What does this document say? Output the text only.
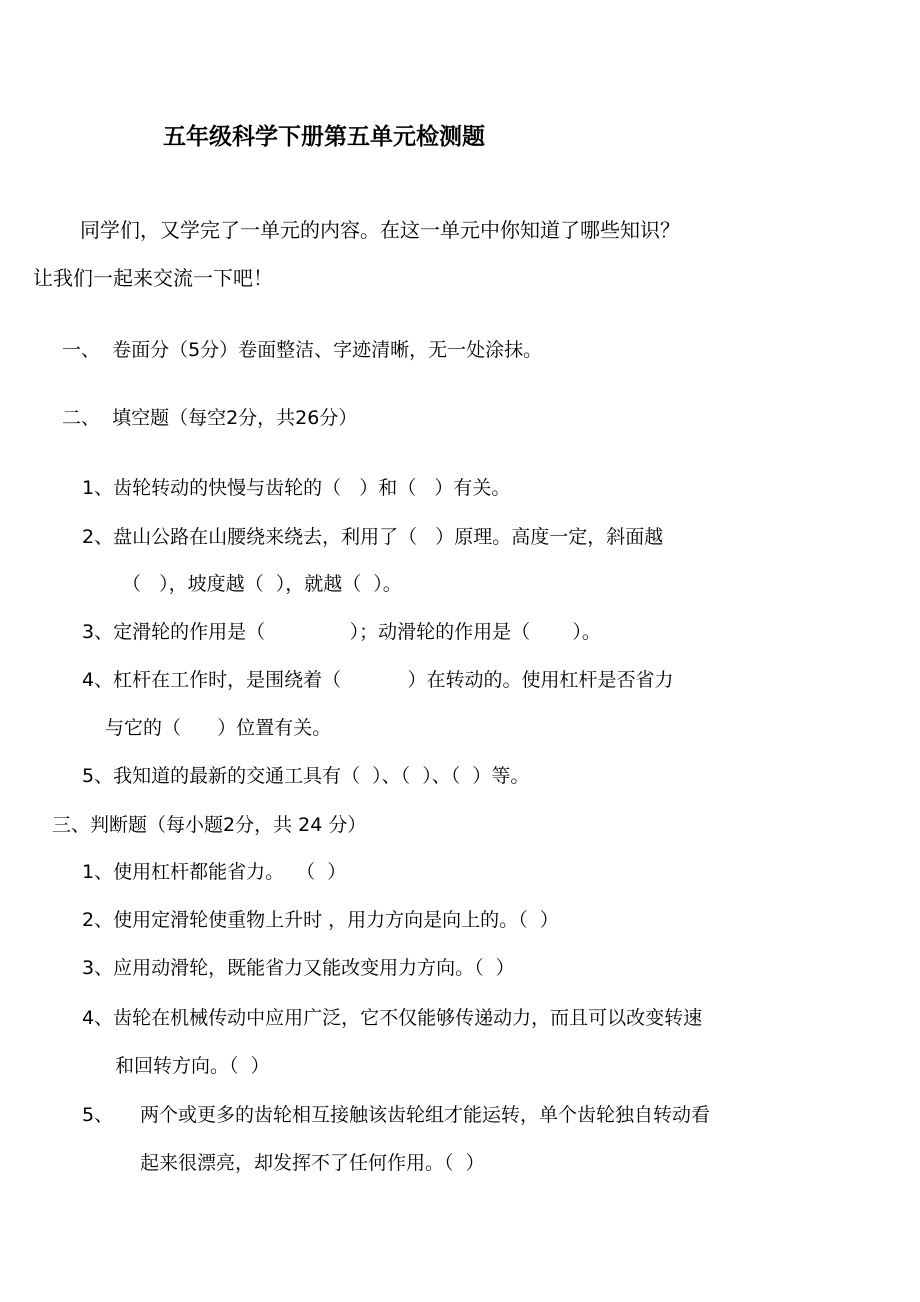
五年级科学下册第五单元检测题
同学们，又学完了一单元的内容。在这一单元中你知道了哪些知识？
让我们一起来交流一下吧！
一、  卷面分（5分）卷面整洁、字迹清晰，无一处涂抹。
二、  填空题（每空2分，共26分）
1、齿轮转动的快慢与齿轮的（   ）和（   ）有关。
2、盘山公路在山腰绕来绕去，利用了（   ）原理。高度一定，斜面越
（   ），坡度越（  ），就越（  ）。
3、定滑轮的作用是（              ）；动滑轮的作用是（       ）。
4、杠杆在工作时，是围绕着（           ）在转动的。使用杠杆是否省力
与它的（      ）位置有关。
5、我知道的最新的交通工具有（  ）、（  ）、（  ）等。
三、判断题（每小题2分，共 24 分）
1、使用杠杆都能省力。  （  ）
2、使用定滑轮使重物上升时 ，用力方向是向上的。（  ）
3、应用动滑轮，既能省力又能改变用力方向。（  ）
4、齿轮在机械传动中应用广泛，它不仅能够传递动力，而且可以改变转速
和回转方向。（  ）
5、 两个或更多的齿轮相互接触该齿轮组才能运转，单个齿轮独自转动看
起来很漂亮，却发挥不了任何作用。（  ）
